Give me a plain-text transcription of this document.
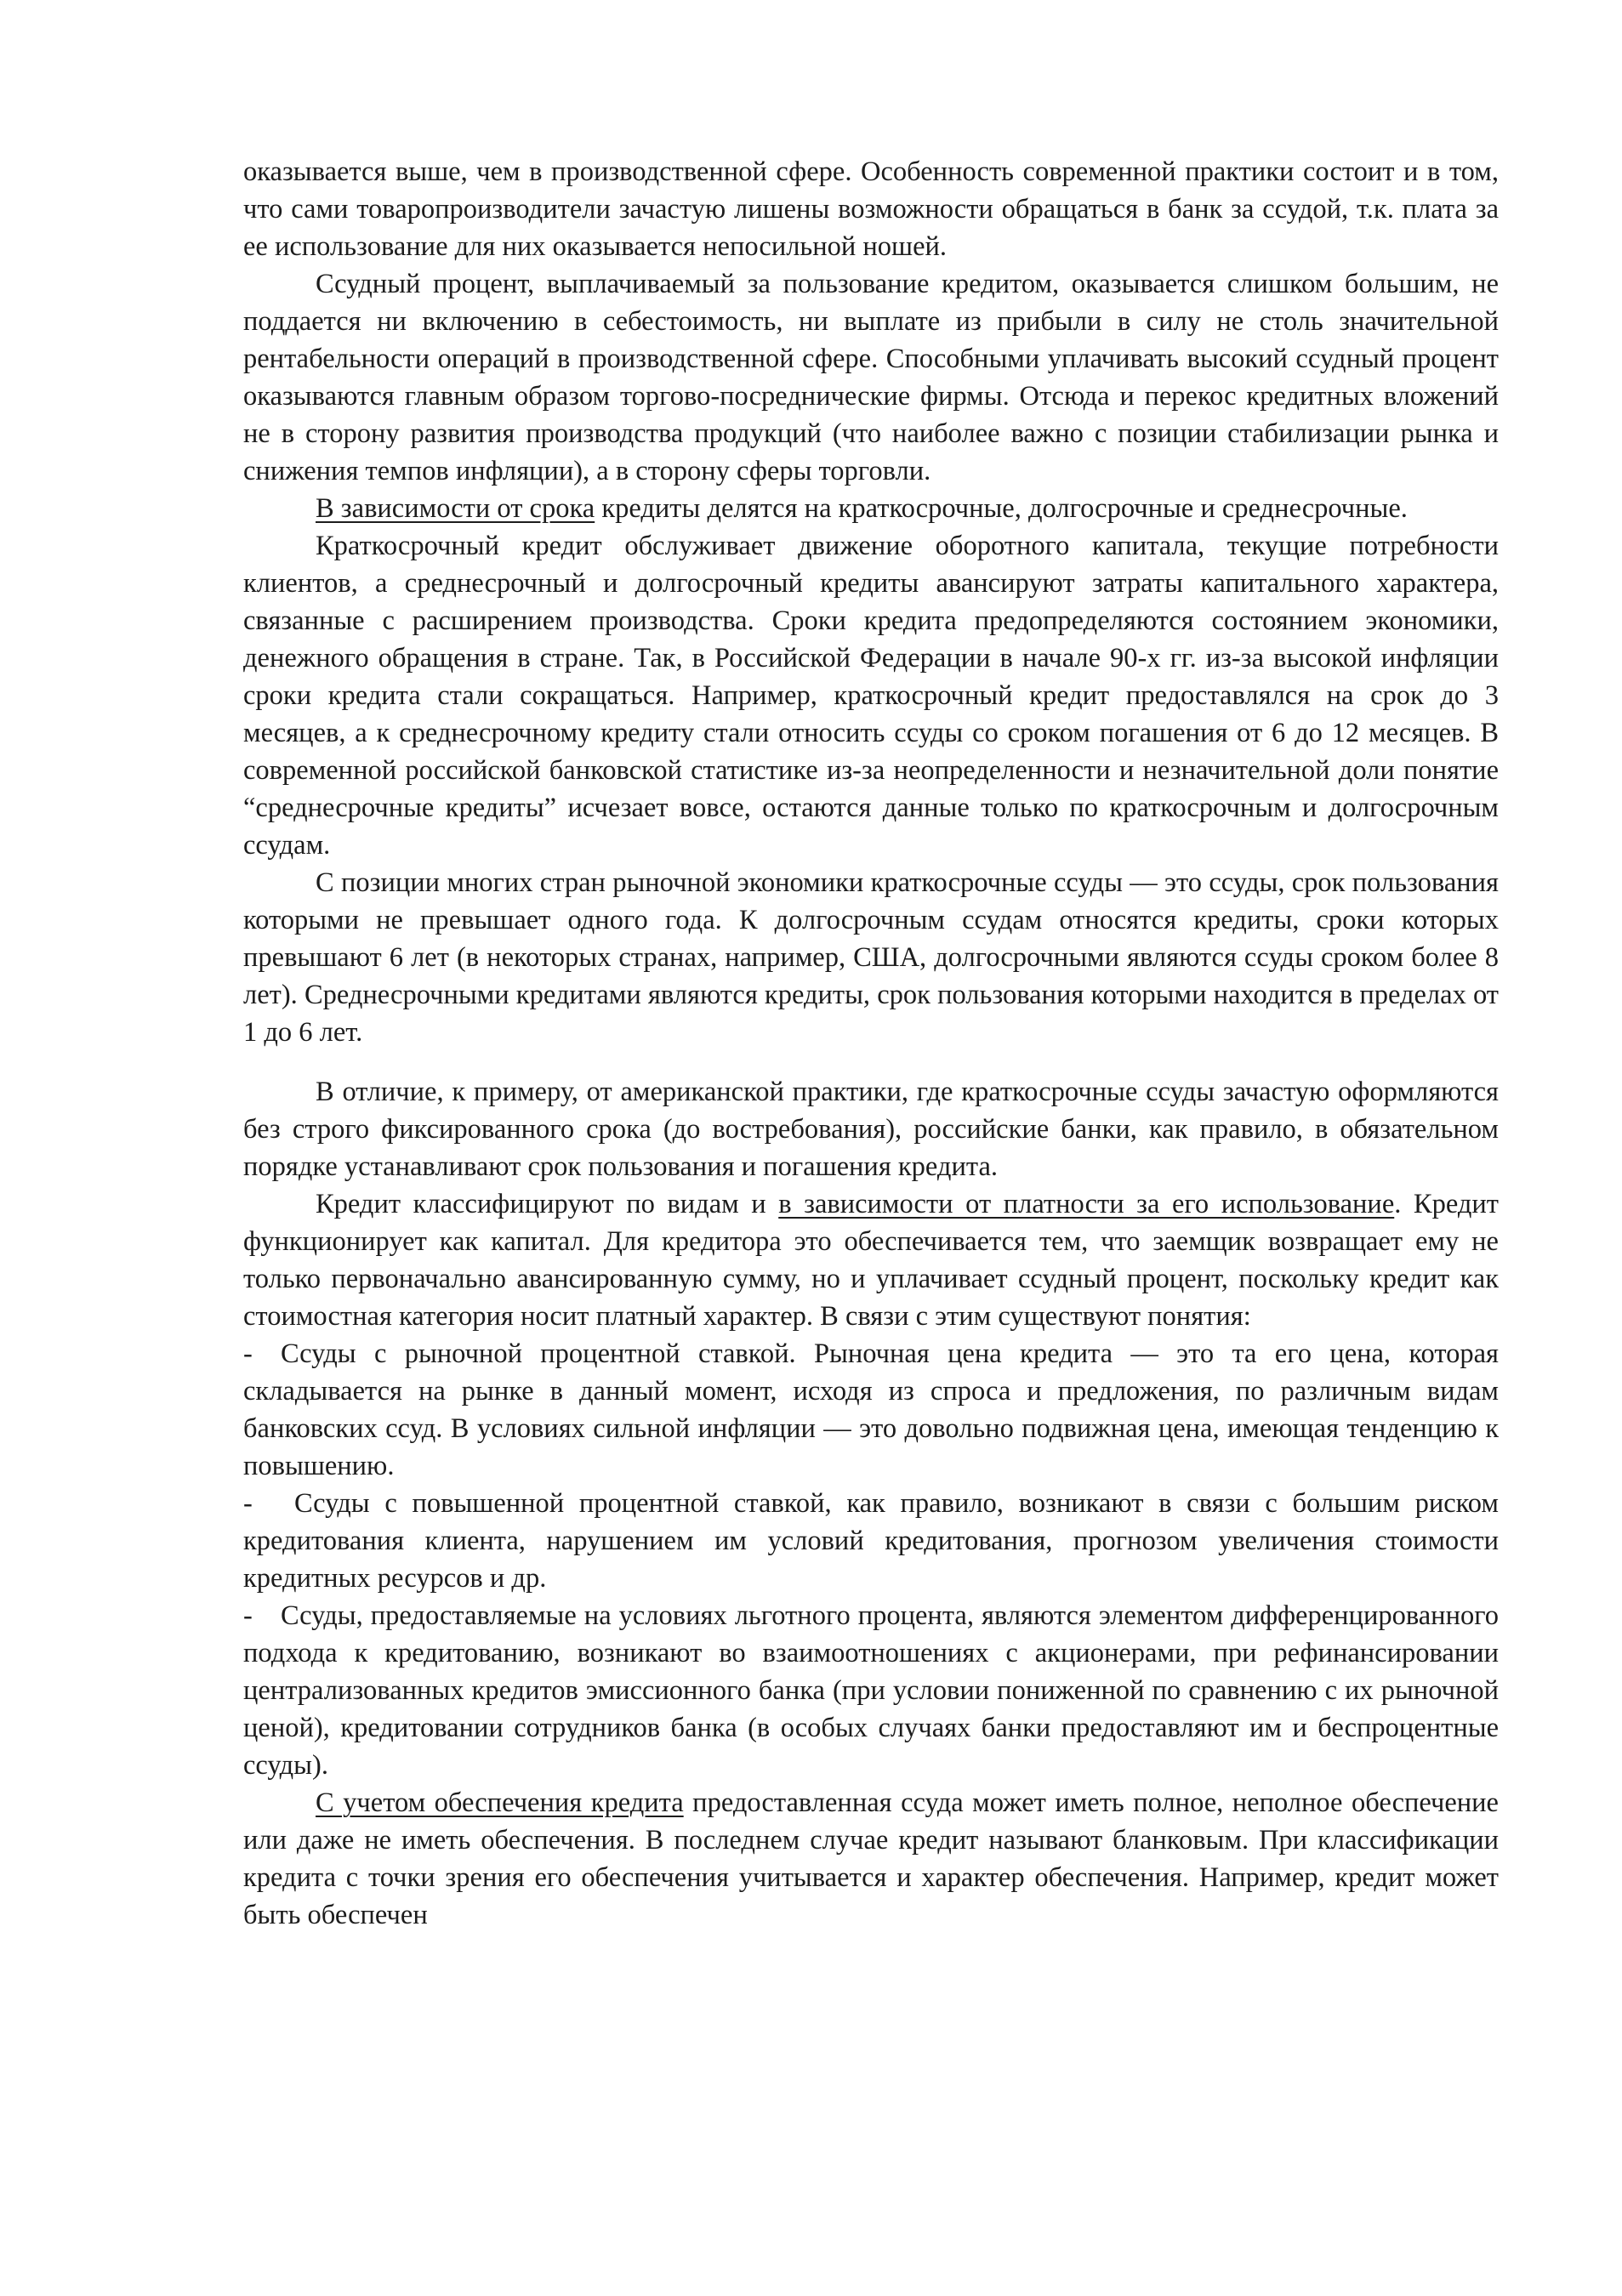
оказывается выше, чем в производственной сфере. Особенность современной практики состоит и в том, что сами товаропроизводители зачастую лишены возможности обращаться в банк за ссудой, т.к. плата за ее использование для них оказывается непосильной ношей.

Ссудный процент, выплачиваемый за пользование кредитом, оказывается слишком большим, не поддается ни включению в себестоимость, ни выплате из прибыли в силу не столь значительной рентабельности операций в производственной сфере. Способными уплачивать высокий ссудный процент оказываются главным образом торгово-посреднические фирмы. Отсюда и перекос кредитных вложений не в сторону развития производства продукций (что наиболее важно с позиции стабилизации рынка и снижения темпов инфляции), а в сторону сферы торговли.

В зависимости от срока кредиты делятся на краткосрочные, долгосрочные и среднесрочные.

Краткосрочный кредит обслуживает движение оборотного капитала, текущие потребности клиентов, а среднесрочный и долгосрочный кредиты авансируют затраты капитального характера, связанные с расширением производства. Сроки кредита предопределяются состоянием экономики, денежного обращения в стране. Так, в Российской Федерации в начале 90-х гг. из-за высокой инфляции сроки кредита стали сокращаться. Например, краткосрочный кредит предоставлялся на срок до 3 месяцев, а к среднесрочному кредиту стали относить ссуды со сроком погашения от 6 до 12 месяцев. В современной российской банковской статистике из-за неопределенности и незначительной доли понятие “среднесрочные кредиты” исчезает вовсе, остаются данные только по краткосрочным и долгосрочным ссудам.

С позиции многих стран рыночной экономики краткосрочные ссуды — это ссуды, срок пользования которыми не превышает одного года. К долгосрочным ссудам относятся кредиты, сроки которых превышают 6 лет (в некоторых странах, например, США, долгосрочными являются ссуды сроком более 8 лет). Среднесрочными кредитами являются кредиты, срок пользования которыми находится в пределах от 1 до 6 лет.

В отличие, к примеру, от американской практики, где краткосрочные ссуды зачастую оформляются без строго фиксированного срока (до востребования), российские банки, как правило, в обязательном порядке устанавливают срок пользования и погашения кредита.

Кредит классифицируют по видам и в зависимости от платности за его использование. Кредит функционирует как капитал. Для кредитора это обеспечивается тем, что заемщик возвращает ему не только первоначально авансированную сумму, но и уплачивает ссудный процент, поскольку кредит как стоимостная категория носит платный характер. В связи с этим существуют понятия:

- Ссуды с рыночной процентной ставкой. Рыночная цена кредита — это та его цена, которая складывается на рынке в данный момент, исходя из спроса и предложения, по различным видам банковских ссуд. В условиях сильной инфляции — это довольно подвижная цена, имеющая тенденцию к повышению.

- Ссуды с повышенной процентной ставкой, как правило, возникают в связи с большим риском кредитования клиента, нарушением им условий кредитования, прогнозом увеличения стоимости кредитных ресурсов и др.

- Ссуды, предоставляемые на условиях льготного процента, являются элементом дифференцированного подхода к кредитованию, возникают во взаимоотношениях с акционерами, при рефинансировании централизованных кредитов эмиссионного банка (при условии пониженной по сравнению с их рыночной ценой), кредитовании сотрудников банка (в особых случаях банки предоставляют им и беспроцентные ссуды).

С учетом обеспечения кредита предоставленная ссуда может иметь полное, неполное обеспечение или даже не иметь обеспечения. В последнем случае кредит называют бланковым. При классификации кредита с точки зрения его обеспечения учитывается и характер обеспечения. Например, кредит может быть обеспечен
